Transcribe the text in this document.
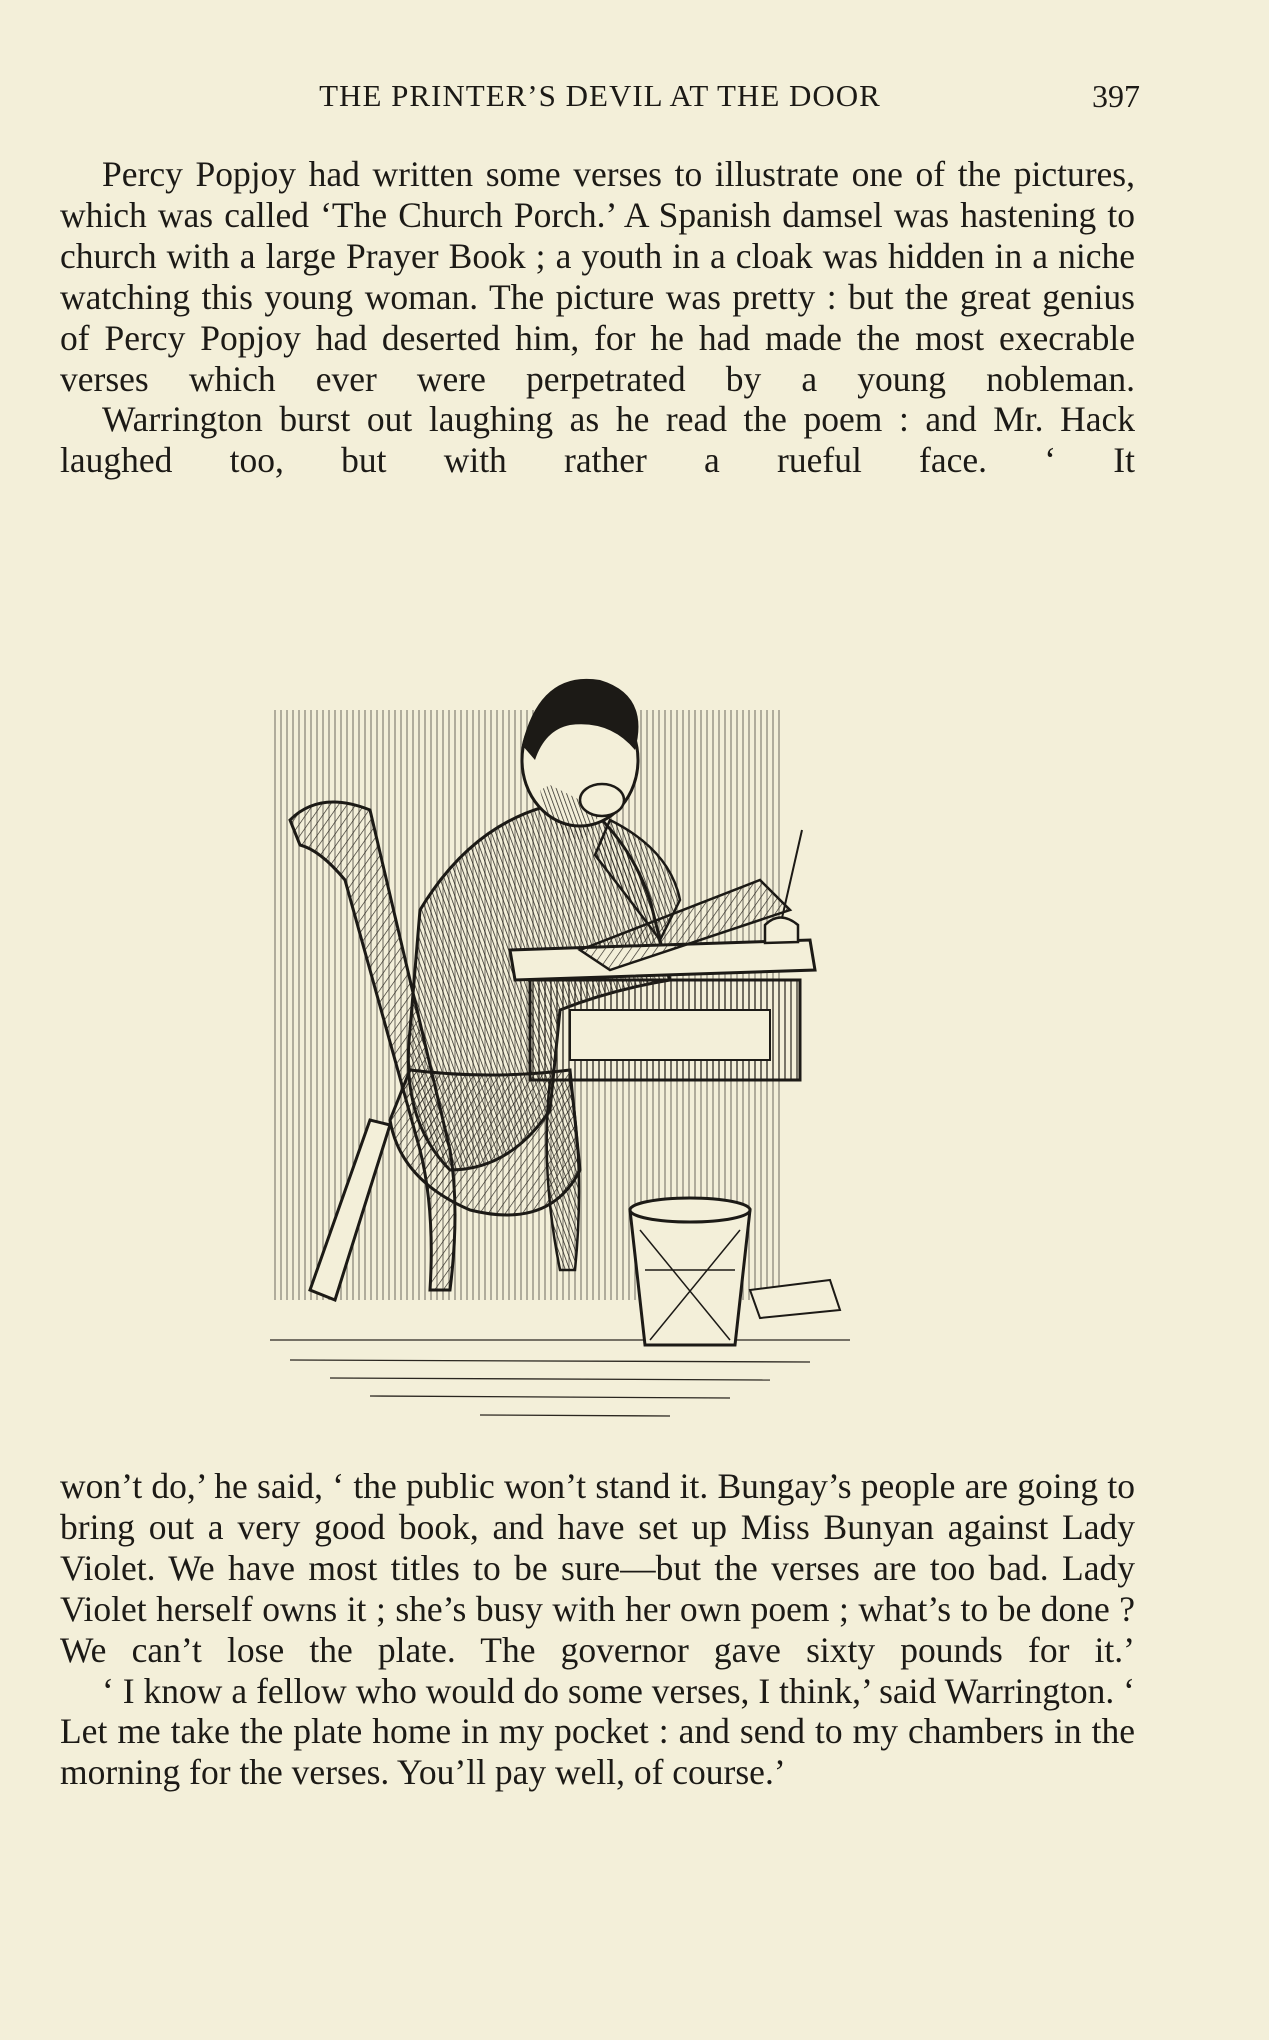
THE PRINTER’S DEVIL AT THE DOOR	397

Percy Popjoy had written some verses to illustrate one of the pictures, which was called ‘The Church Porch.’ A Spanish damsel was hastening to church with a large Prayer Book ; a youth in a cloak was hidden in a niche watching this young woman. The picture was pretty : but the great genius of Percy Popjoy had deserted him, for he had made the most execrable verses which ever were perpetrated by a young nobleman.

Warrington burst out laughing as he read the poem : and Mr. Hack laughed too, but with rather a rueful face. ‘ It

won’t do,’ he said, ‘ the public won’t stand it. Bungay’s people are going to bring out a very good book, and have set up Miss Bunyan against Lady Violet. We have most titles to be sure—but the verses are too bad. Lady Violet herself owns it ; she’s busy with her own poem ; what’s to be done ? We can’t lose the plate. The governor gave sixty pounds for it.’

‘ I know a fellow who would do some verses, I think,’ said Warrington. ‘ Let me take the plate home in my pocket : and send to my chambers in the morning for the verses. You’ll pay well, of course.’
